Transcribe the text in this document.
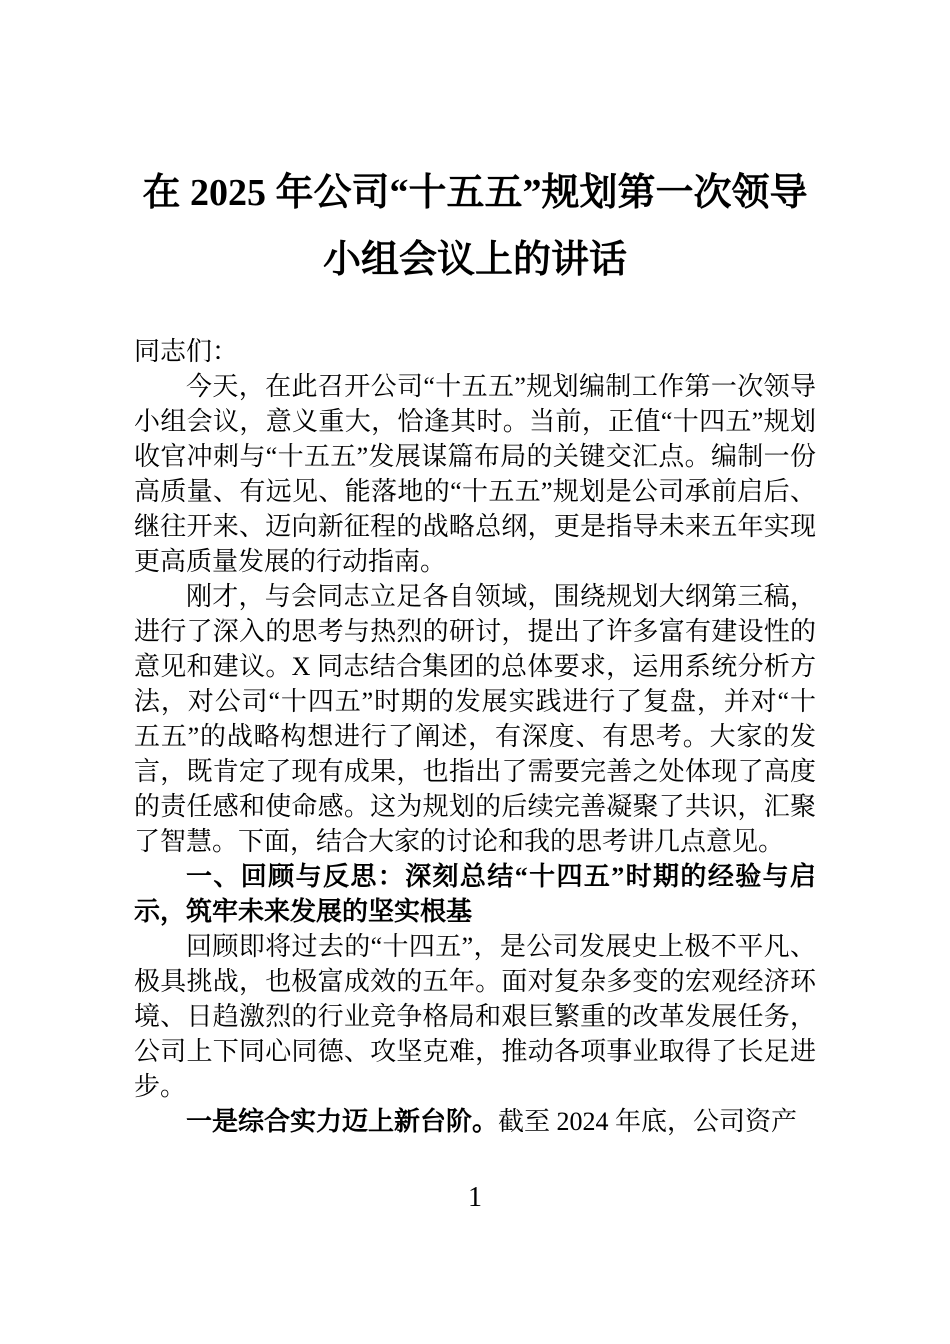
在 2025 年公司“十五五”规划第一次领导
小组会议上的讲话

同志们：

今天，在此召开公司“十五五”规划编制工作第一次领导小组会议，意义重大，恰逢其时。当前，正值“十四五”规划收官冲刺与“十五五”发展谋篇布局的关键交汇点。编制一份高质量、有远见、能落地的“十五五”规划是公司承前启后、继往开来、迈向新征程的战略总纲，更是指导未来五年实现更高质量发展的行动指南。

刚才，与会同志立足各自领域，围绕规划大纲第三稿，进行了深入的思考与热烈的研讨，提出了许多富有建设性的意见和建议。X 同志结合集团的总体要求，运用系统分析方法，对公司“十四五”时期的发展实践进行了复盘，并对“十五五”的战略构想进行了阐述，有深度、有思考。大家的发言，既肯定了现有成果，也指出了需要完善之处体现了高度的责任感和使命感。这为规划的后续完善凝聚了共识，汇聚了智慧。下面，结合大家的讨论和我的思考讲几点意见。

一、回顾与反思：深刻总结“十四五”时期的经验与启示，筑牢未来发展的坚实根基

回顾即将过去的“十四五”，是公司发展史上极不平凡、极具挑战，也极富成效的五年。面对复杂多变的宏观经济环境、日趋激烈的行业竞争格局和艰巨繁重的改革发展任务，公司上下同心同德、攻坚克难，推动各项事业取得了长足进步。

一是综合实力迈上新台阶。截至 2024 年底，公司资产

1
